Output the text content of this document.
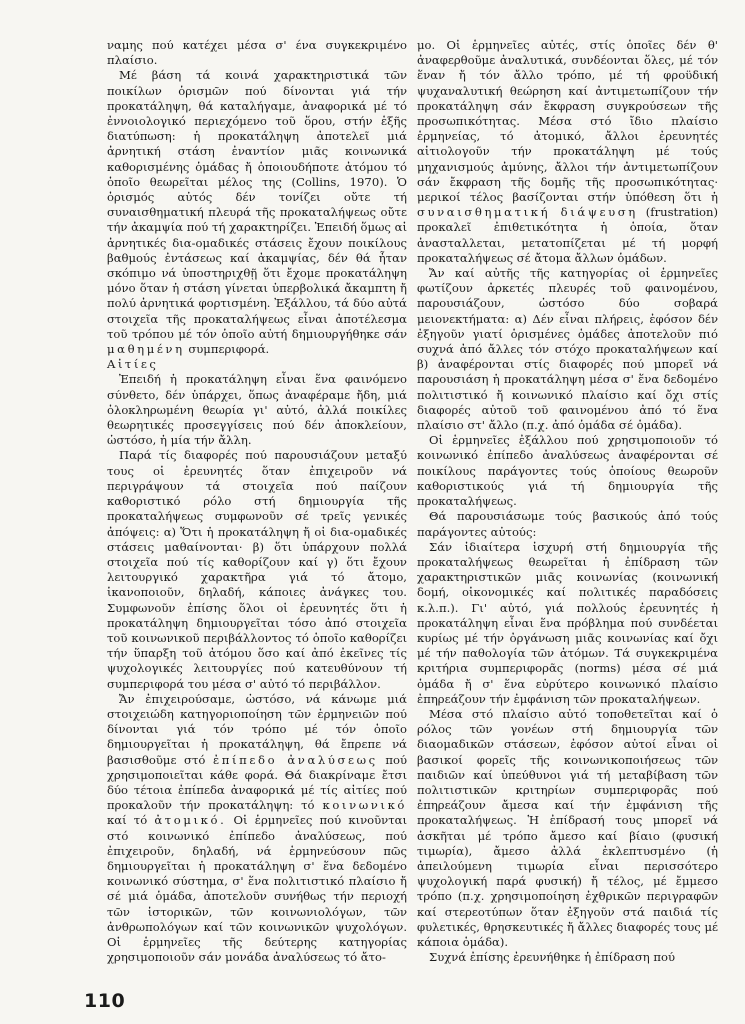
ναμης πού κατέχει μέσα σ' ένα συγκεκριμένο πλαίσιο.

Μέ βάση τά κοινά χαρακτηριστικά τῶν ποικίλων ὁρισμῶν πού δίνονται γιά τήν προκατάληψη, θά καταλήγαμε, ἀναφορικά μέ τό ἐννοιολογικό περιεχόμενο τοῦ ὅρου, στήν ἑξῆς διατύπωση: ἡ προκατάληψη ἀποτελεῖ μιά ἀρνητική στάση ἐναντίον μιᾶς κοινωνικά καθορισμένης ὁμάδας ἤ ὁποιουδήποτε ἀτόμου τό ὁποῖο θεωρεῖται μέλος της (Collins, 1970). Ὁ ὁρισμός αὐτός δέν τονίζει οὔτε τή συναισθηματική πλευρά τῆς προκαταλήψεως οὔτε τήν ἀκαμψία πού τή χαρακτηρίζει. Ἐπειδή ὅμως αἱ ἀρνητικές δια-ομαδικές στάσεις ἔχουν ποικίλους βαθμούς ἐντάσεως καί ἀκαμψίας, δέν θά ἦταν σκόπιμο νά ὑποστηριχθῇ ὅτι ἔχομε προκατάληψη μόνο ὅταν ἡ στάση γίνεται ὑπερβολικά ἄκαμπτη ἤ πολύ ἀρνητικά φορτισμένη. Ἐξάλλου, τά δύο αὐτά στοιχεῖα τῆς προκαταλήψεως εἶναι ἀποτέλεσμα τοῦ τρόπου μέ τόν ὁποῖο αὐτή δημιουργήθηκε σάν μαθημένη συμπεριφορά.

Αἰτίες

Ἐπειδή ἡ προκατάληψη εἶναι ἕνα φαινόμενο σύνθετο, δέν ὑπάρχει, ὅπως ἀναφέραμε ἤδη, μιά ὁλοκληρωμένη θεωρία γι' αὐτό, ἀλλά ποικίλες θεωρητικές προσεγγίσεις πού δέν ἀποκλείουν, ὡστόσο, ἡ μία τήν ἄλλη.

Παρά τίς διαφορές πού παρουσιάζουν μεταξύ τους οἱ ἐρευνητές ὅταν ἐπιχειροῦν νά περιγράψουν τά στοιχεῖα πού παίζουν καθοριστικό ρόλο στή δημιουργία τῆς προκαταλήψεως συμφωνοῦν σέ τρεῖς γενικές ἀπόψεις: α) Ὅτι ἡ προκατάληψη ἤ οἱ δια-ομαδικές στάσεις μαθαίνονται· β) ὅτι ὑπάρχουν πολλά στοιχεῖα πού τίς καθορίζουν καί γ) ὅτι ἔχουν λειτουργικό χαρακτῆρα γιά τό ἄτομο, ἱκανοποιοῦν, δηλαδή, κάποιες ἀνάγκες του. Συμφωνοῦν ἐπίσης ὅλοι οἱ ἐρευνητές ὅτι ἡ προκατάληψη δημιουργεῖται τόσο ἀπό στοιχεῖα τοῦ κοινωνικοῦ περιβάλλοντος τό ὁποῖο καθορίζει τήν ὕπαρξη τοῦ ἀτόμου ὅσο καί ἀπό ἐκεῖνες τίς ψυχολογικές λειτουργίες πού κατευθύνουν τή συμπεριφορά του μέσα σ' αὐτό τό περιβάλλον.

Ἄν ἐπιχειρούσαμε, ὡστόσο, νά κάνωμε μιά στοιχειώδη κατηγοριοποίηση τῶν ἑρμηνειῶν πού δίνονται γιά τόν τρόπο μέ τόν ὁποῖο δημιουργεῖται ἡ προκατάληψη, θά ἔπρεπε νά βασισθοῦμε στό ἐπίπεδο ἀναλύσεως πού χρησιμοποιεῖται κάθε φορά. Θά διακρίναμε ἔτσι δύο τέτοια ἐπίπεδα ἀναφορικά μέ τίς αἰτίες πού προκαλοῦν τήν προκατάληψη: τό κοινωνικό καί τό ἀτομικό. Οἱ ἑρμηνεῖες πού κινοῦνται στό κοινωνικό ἐπίπεδο ἀναλύσεως, πού ἐπιχειροῦν, δηλαδή, νά ἑρμηνεύσουν πῶς δημιουργεῖται ἡ προκατάληψη σ' ἕνα δεδομένο κοινωνικό σύστημα, σ' ἕνα πολιτιστικό πλαίσιο ἤ σέ μιά ὁμάδα, ἀποτελοῦν συνήθως τήν περιοχή τῶν ἱστορικῶν, τῶν κοινωνιολόγων, τῶν ἀνθρωπολόγων καί τῶν κοινωνικῶν ψυχολόγων. Οἱ ἑρμηνεῖες τῆς δεύτερης κατηγορίας χρησιμοποιοῦν σάν μονάδα ἀναλύσεως τό ἄτο-

μο. Οἱ ἑρμηνεῖες αὐτές, στίς ὁποῖες δέν θ' ἀναφερθοῦμε ἀναλυτικά, συνδέονται ὅλες, μέ τόν ἕναν ἤ τόν ἄλλο τρόπο, μέ τή φροϋδική ψυχαναλυτική θεώρηση καί ἀντιμετωπίζουν τήν προκατάληψη σάν ἔκφραση συγκρούσεων τῆς προσωπικότητας. Μέσα στό ἴδιο πλαίσιο ἑρμηνείας, τό ἀτομικό, ἄλλοι ἐρευνητές αἰτιολογοῦν τήν προκατάληψη μέ τούς μηχανισμούς ἀμύνης, ἄλλοι τήν ἀντιμετωπίζουν σάν ἔκφραση τῆς δομῆς τῆς προσωπικότητας· μερικοί τέλος βασίζονται στήν ὑπόθεση ὅτι ἡ συναισθηματική διάψευση (frustration) προκαλεῖ ἐπιθετικότητα ἡ ὁποία, ὅταν ἀνασταλλεται, μετατοπίζεται μέ τή μορφή προκαταλήψεως σέ ἄτομα ἄλλων ὁμάδων.

Ἄν καί αὐτῆς τῆς κατηγορίας οἱ ἑρμηνεῖες φωτίζουν ἀρκετές πλευρές τοῦ φαινομένου, παρουσιάζουν, ὡστόσο δύο σοβαρά μειονεκτήματα: α) Δέν εἶναι πλήρεις, ἐφόσον δέν ἐξηγοῦν γιατί ὁρισμένες ὁμάδες ἀποτελοῦν πιό συχνά ἀπό ἄλλες τόν στόχο προκαταλήψεων καί β) ἀναφέρονται στίς διαφορές πού μπορεῖ νά παρουσιάση ἡ προκατάληψη μέσα σ' ἕνα δεδομένο πολιτιστικό ἤ κοινωνικό πλαίσιο καί ὄχι στίς διαφορές αὐτοῦ τοῦ φαινομένου ἀπό τό ἕνα πλαίσιο στ' ἄλλο (π.χ. ἀπό ὁμάδα σέ ὁμάδα).

Οἱ ἑρμηνεῖες ἐξάλλου πού χρησιμοποιοῦν τό κοινωνικό ἐπίπεδο ἀναλύσεως ἀναφέρονται σέ ποικίλους παράγοντες τούς ὁποίους θεωροῦν καθοριστικούς γιά τή δημιουργία τῆς προκαταλήψεως.

Θά παρουσιάσωμε τούς βασικούς ἀπό τούς παράγοντες αὐτούς:

Σάν ἰδιαίτερα ἰσχυρή στή δημιουργία τῆς προκαταλήψεως θεωρεῖται ἡ ἐπίδραση τῶν χαρακτηριστικῶν μιᾶς κοινωνίας (κοινωνική δομή, οἰκονομικές καί πολιτικές παραδόσεις κ.λ.π.). Γι' αὐτό, γιά πολλούς ἐρευνητές ἡ προκατάληψη εἶναι ἕνα πρόβλημα πού συνδέεται κυρίως μέ τήν ὀργάνωση μιᾶς κοινωνίας καί ὄχι μέ τήν παθολογία τῶν ἀτόμων. Τά συγκεκριμένα κριτήρια συμπεριφορᾶς (norms) μέσα σέ μιά ὁμάδα ἤ σ' ἕνα εὐρύτερο κοινωνικό πλαίσιο ἐπηρεάζουν τήν ἐμφάνιση τῶν προκαταλήψεων.

Μέσα στό πλαίσιο αὐτό τοποθετεῖται καί ὁ ρόλος τῶν γονέων στή δημιουργία τῶν διαομαδικῶν στάσεων, ἐφόσον αὐτοί εἶναι οἱ βασικοί φορεῖς τῆς κοινωνικοποιήσεως τῶν παιδιῶν καί ὑπεύθυνοι γιά τή μεταβίβαση τῶν πολιτιστικῶν κριτηρίων συμπεριφορᾶς πού ἐπηρεάζουν ἄμεσα καί τήν ἐμφάνιση τῆς προκαταλήψεως. Ἡ ἐπίδρασή τους μπορεῖ νά ἀσκῆται μέ τρόπο ἄμεσο καί βίαιο (φυσική τιμωρία), ἄμεσο ἀλλά ἐκλεπτυσμένο (ἡ ἀπειλούμενη τιμωρία εἶναι περισσότερο ψυχολογική παρά φυσική) ἤ τέλος, μέ ἔμμεσο τρόπο (π.χ. χρησιμοποίηση ἐχθρικῶν περιγραφῶν καί στερεοτύπων ὅταν ἐξηγοῦν στά παιδιά τίς φυλετικές, θρησκευτικές ἤ ἄλλες διαφορές τους μέ κάποια ὁμάδα).

Συχνά ἐπίσης ἐρευνήθηκε ἡ ἐπίδραση πού

110
